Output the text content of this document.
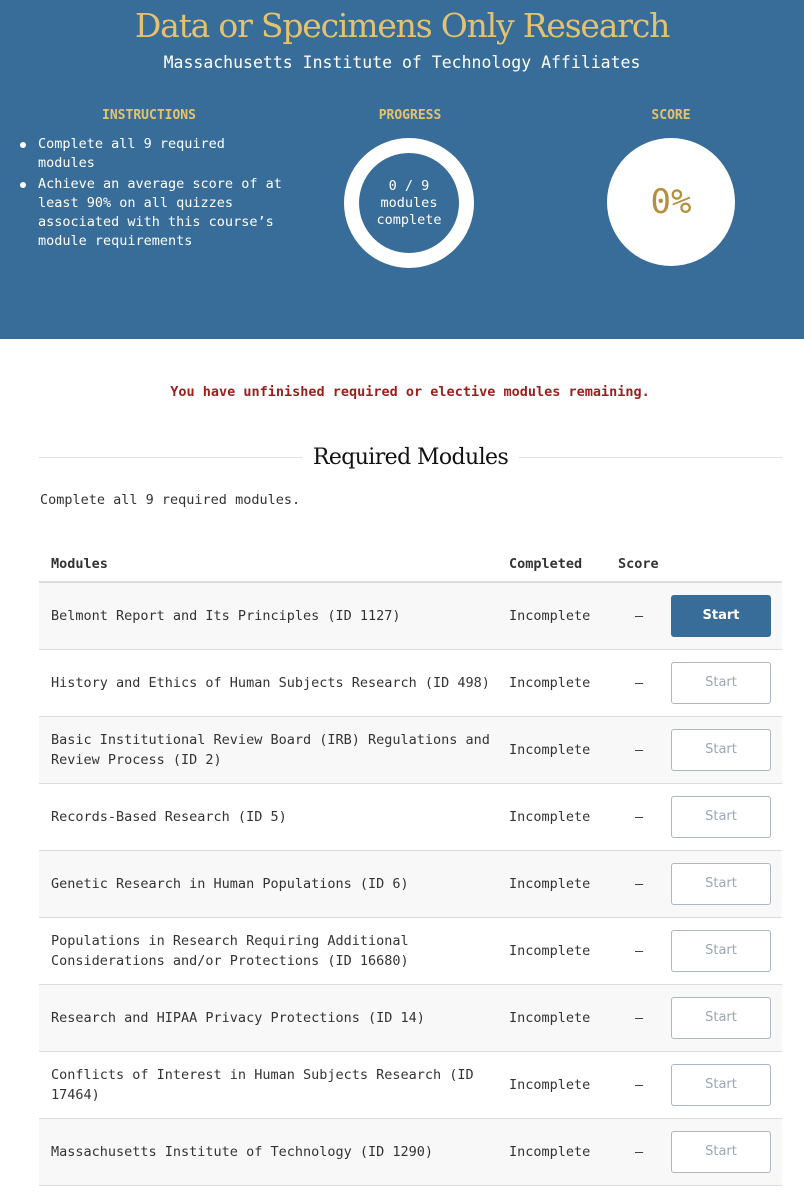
Data or Specimens Only Research
Massachusetts Institute of Technology Affiliates
INSTRUCTIONS
Complete all 9 required modules
Achieve an average score of at least 90% on all quizzes associated with this course’s module requirements
PROGRESS
0 / 9
modules
complete
SCORE
0%
You have unfinished required or elective modules remaining.
Required Modules
Complete all 9 required modules.
Modules	Completed	Score	
Belmont Report and Its Principles (ID 1127)	Incomplete	–	Start
History and Ethics of Human Subjects Research (ID 498)	Incomplete	–	Start
Basic Institutional Review Board (IRB) Regulations and Review Process (ID 2)	Incomplete	–	Start
Records-Based Research (ID 5)	Incomplete	–	Start
Genetic Research in Human Populations (ID 6)	Incomplete	–	Start
Populations in Research Requiring Additional Considerations and/or Protections (ID 16680)	Incomplete	–	Start
Research and HIPAA Privacy Protections (ID 14)	Incomplete	–	Start
Conflicts of Interest in Human Subjects Research (ID 17464)	Incomplete	–	Start
Massachusetts Institute of Technology (ID 1290)	Incomplete	–	Start
